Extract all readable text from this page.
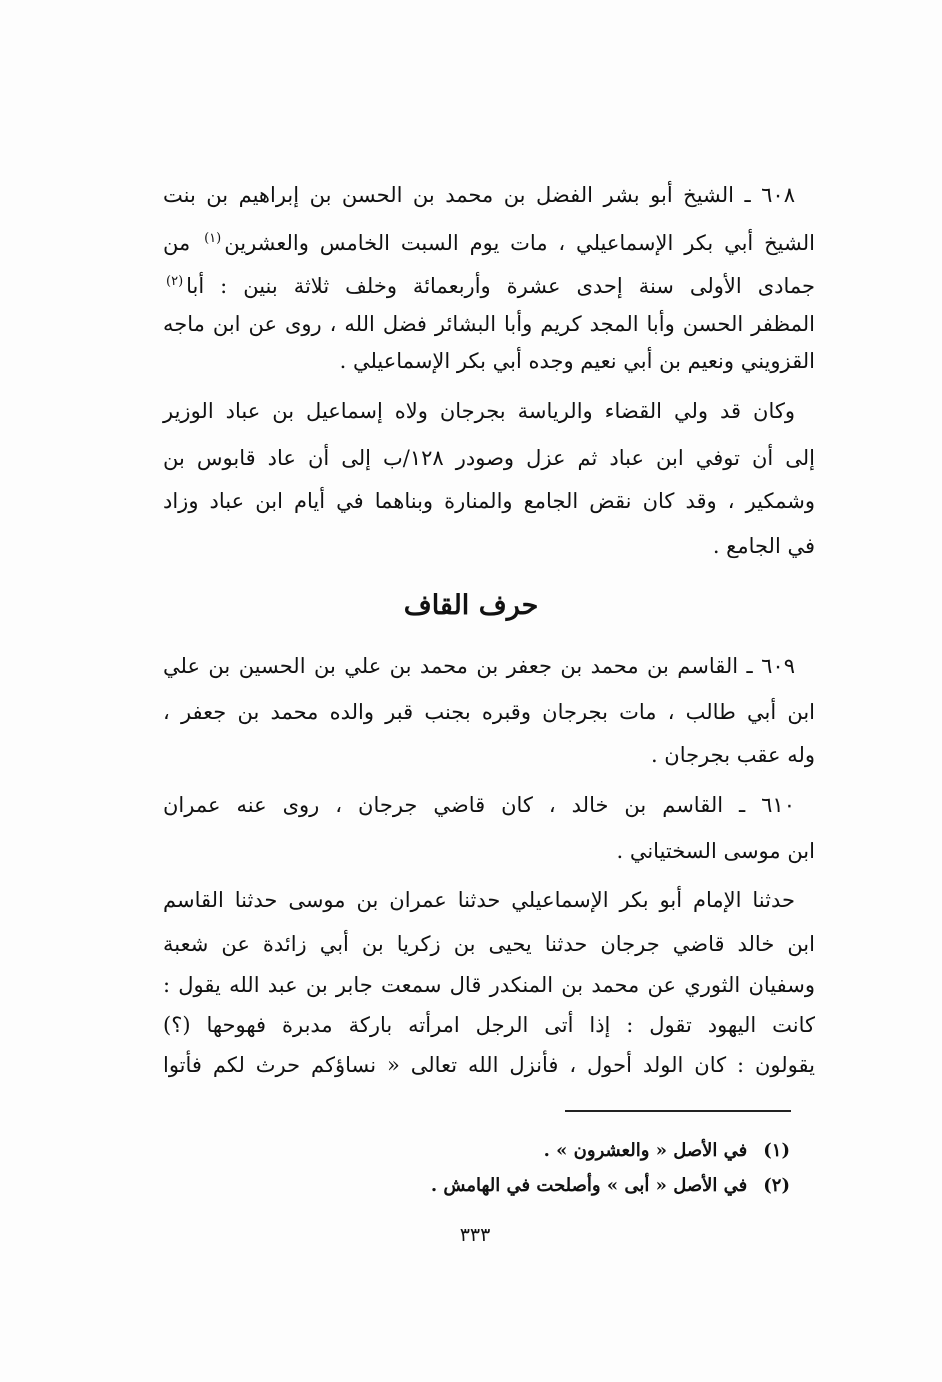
٦٠٨ ـ الشيخ أبو بشر الفضل بن محمد بن الحسن بن إبراهيم بن بنت
الشيخ أبي بكر الإسماعيلي ، مات يوم السبت الخامس والعشرين$^{(١)}$ من
جمادى الأولى سنة إحدى عشرة وأربعمائة وخلف ثلاثة بنين : أبا$^{(٢)}$
المظفر الحسن وأبا المجد كريم وأبا البشائر فضل الله ، روى عن ابن ماجه
القزويني ونعيم بن أبي نعيم وجده أبي بكر الإسماعيلي .
وكان قد ولي القضاء والرياسة بجرجان ولاه إسماعيل بن عباد الوزير
إلى أن توفي ابن عباد ثم عزل وصودر ١٢٨/ب إلى أن عاد قابوس بن
وشمكير ، وقد كان نقض الجامع والمنارة وبناهما في أيام ابن عباد وزاد
في الجامع .
حرف القاف
٦٠٩ ـ القاسم بن محمد بن جعفر بن محمد بن علي بن الحسين بن علي
ابن أبي طالب ، مات بجرجان وقبره بجنب قبر والده محمد بن جعفر ،
وله عقب بجرجان .
٦١٠ ـ القاسم بن خالد ، كان قاضي جرجان ، روى عنه عمران
ابن موسى السختياني .
حدثنا الإمام أبو بكر الإسماعيلي حدثنا عمران بن موسى حدثنا القاسم
ابن خالد قاضي جرجان حدثنا يحيى بن زكريا بن أبي زائدة عن شعبة
وسفيان الثوري عن محمد بن المنكدر قال سمعت جابر بن عبد الله يقول :
كانت اليهود تقول : إذا أتى الرجل امرأته باركة مدبرة فهوحها (؟)
يقولون : كان الولد أحول ، فأنزل الله تعالى « نساؤكم حرث لكم فأتوا
(١)في الأصل « والعشرون » .
(٢)في الأصل « أبى » وأصلحت في الهامش .
٣٣٣
